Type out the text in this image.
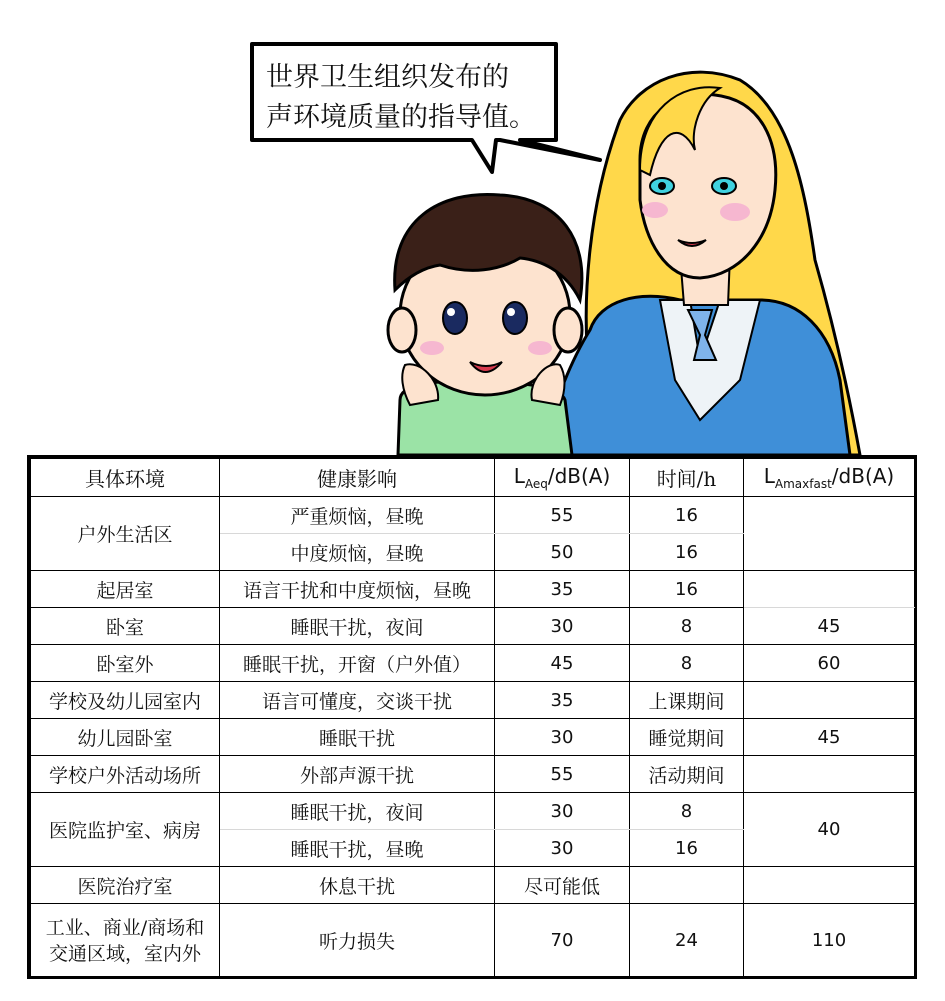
世界卫生组织发布的
声环境质量的指导值。
具体环境	健康影响	$L_{Aeq}/dB(A)$	时间/h	$L_{Amaxfast}/dB(A)$
户外生活区	严重烦恼，昼晚	55	16	
	中度烦恼，昼晚	50	16	
起居室	语言干扰和中度烦恼，昼晚	35	16	
卧室	睡眠干扰，夜间	30	8	45
卧室外	睡眠干扰，开窗（户外值）	45	8	60
学校及幼儿园室内	语言可懂度，交谈干扰	35	上课期间	
幼儿园卧室	睡眠干扰	30	睡觉期间	45
学校户外活动场所	外部声源干扰	55	活动期间	
医院监护室、病房	睡眠干扰，夜间	30	8	40
	睡眠干扰，昼晚	30	16	
医院治疗室	休息干扰	尽可能低		
工业、商业/商场和交通区域，室内外	听力损失	70	24	110
